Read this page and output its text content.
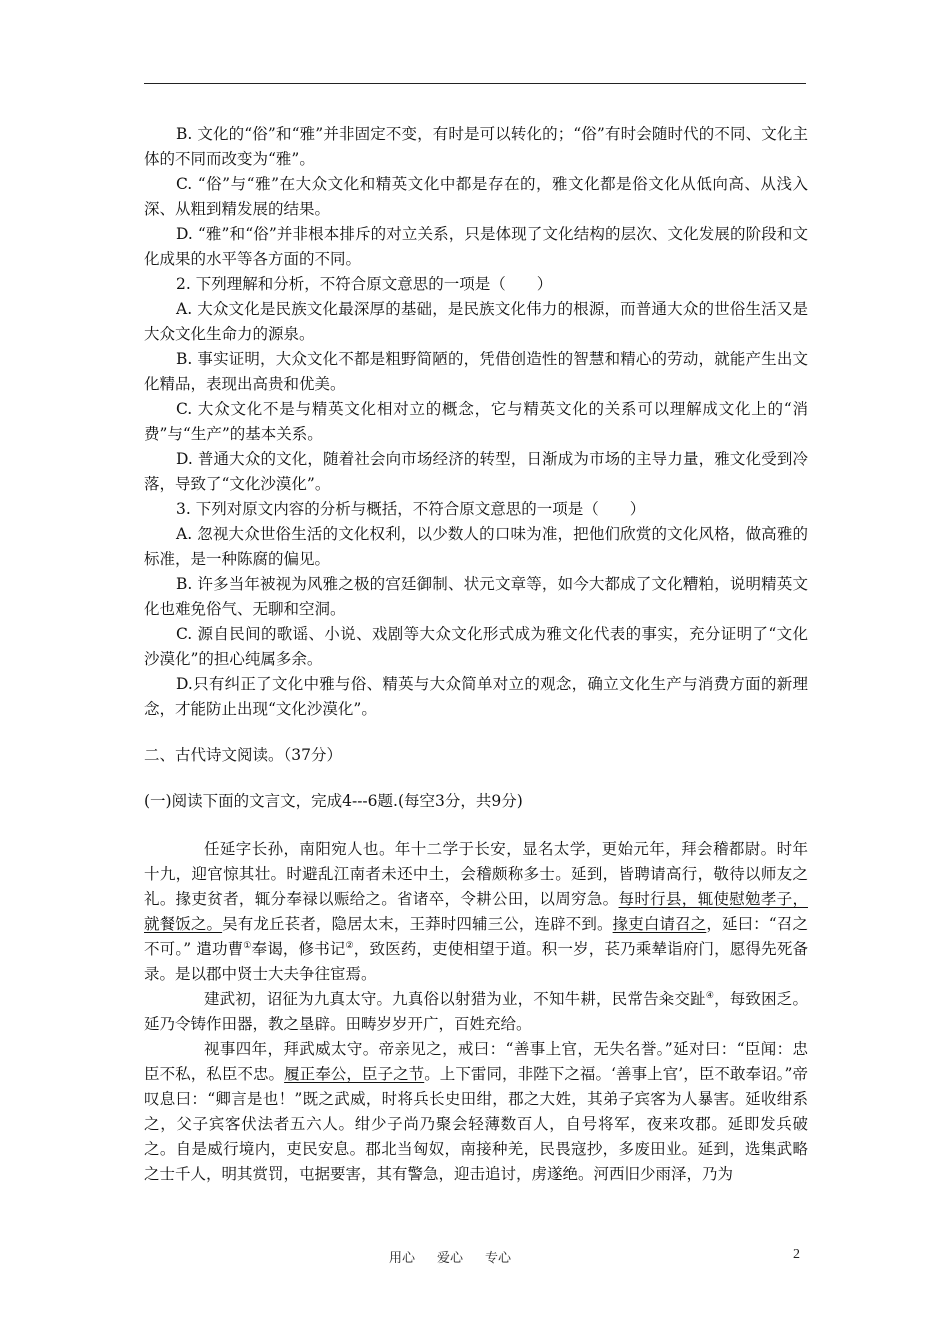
B. 文化的“俗”和“雅”并非固定不变，有时是可以转化的；“俗”有时会随时代的不同、文化主体的不同而改变为“雅”。

C. “俗”与“雅”在大众文化和精英文化中都是存在的，雅文化都是俗文化从低向高、从浅入深、从粗到精发展的结果。

D. “雅”和“俗”并非根本排斥的对立关系，只是体现了文化结构的层次、文化发展的阶段和文化成果的水平等各方面的不同。

2. 下列理解和分析，不符合原文意思的一项是（　　）

A. 大众文化是民族文化最深厚的基础，是民族文化伟力的根源，而普通大众的世俗生活又是大众文化生命力的源泉。

B. 事实证明，大众文化不都是粗野简陋的，凭借创造性的智慧和精心的劳动，就能产生出文化精品，表现出高贵和优美。

C. 大众文化不是与精英文化相对立的概念，它与精英文化的关系可以理解成文化上的“消费”与“生产”的基本关系。

D. 普通大众的文化，随着社会向市场经济的转型，日渐成为市场的主导力量，雅文化受到冷落，导致了“文化沙漠化”。

3. 下列对原文内容的分析与概括，不符合原文意思的一项是（　　）

A. 忽视大众世俗生活的文化权利，以少数人的口味为准，把他们欣赏的文化风格，做高雅的标准，是一种陈腐的偏见。

B. 许多当年被视为风雅之极的宫廷御制、状元文章等，如今大都成了文化糟粕，说明精英文化也难免俗气、无聊和空洞。

C. 源自民间的歌谣、小说、戏剧等大众文化形式成为雅文化代表的事实，充分证明了“文化沙漠化”的担心纯属多余。

D.只有纠正了文化中雅与俗、精英与大众简单对立的观念，确立文化生产与消费方面的新理念，才能防止出现“文化沙漠化”。

二、古代诗文阅读。（37分）

(一)阅读下面的文言文，完成4---6题.(每空3分，共9分)

任延字长孙，南阳宛人也。年十二学于长安，显名太学，更始元年，拜会稽都尉。时年十九，迎官惊其壮。时避乱江南者未还中土，会稽颇称多士。延到，皆聘请高行，敬待以师友之礼。掾吏贫者，辄分奉禄以赈给之。省诸卒，令耕公田，以周穷急。每时行县，辄使慰勉孝子，就餐饭之。吴有龙丘苌者，隐居太末，王莽时四辅三公，连辟不到。掾吏白请召之，延曰：“召之不可。” 遣功曹①奉谒，修书记②，致医药，吏使相望于道。积一岁，苌乃乘辇诣府门，愿得先死备录。是以郡中贤士大夫争往宦焉。

建武初，诏征为九真太守。九真俗以射猎为业，不知牛耕，民常告籴交趾④，每致困乏。延乃令铸作田器，教之垦辟。田畴岁岁开广，百姓充给。

视事四年，拜武威太守。帝亲见之，戒曰：“善事上官，无失名誉。”延对曰：“臣闻：忠臣不私，私臣不忠。履正奉公，臣子之节。上下雷同，非陛下之福。‘善事上官’，臣不敢奉诏。”帝叹息曰：“卿言是也！”既之武威，时将兵长史田绀，郡之大姓，其弟子宾客为人暴害。延收绀系之，父子宾客伏法者五六人。绀少子尚乃聚会轻薄数百人，自号将军，夜来攻郡。延即发兵破之。自是威行境内，吏民安息。郡北当匈奴，南接种羌，民畏寇抄，多废田业。延到，选集武略之士千人，明其赏罚，屯据要害，其有警急，迎击追讨，虏遂绝。河西旧少雨泽，乃为

用心 爱心 专心	2
